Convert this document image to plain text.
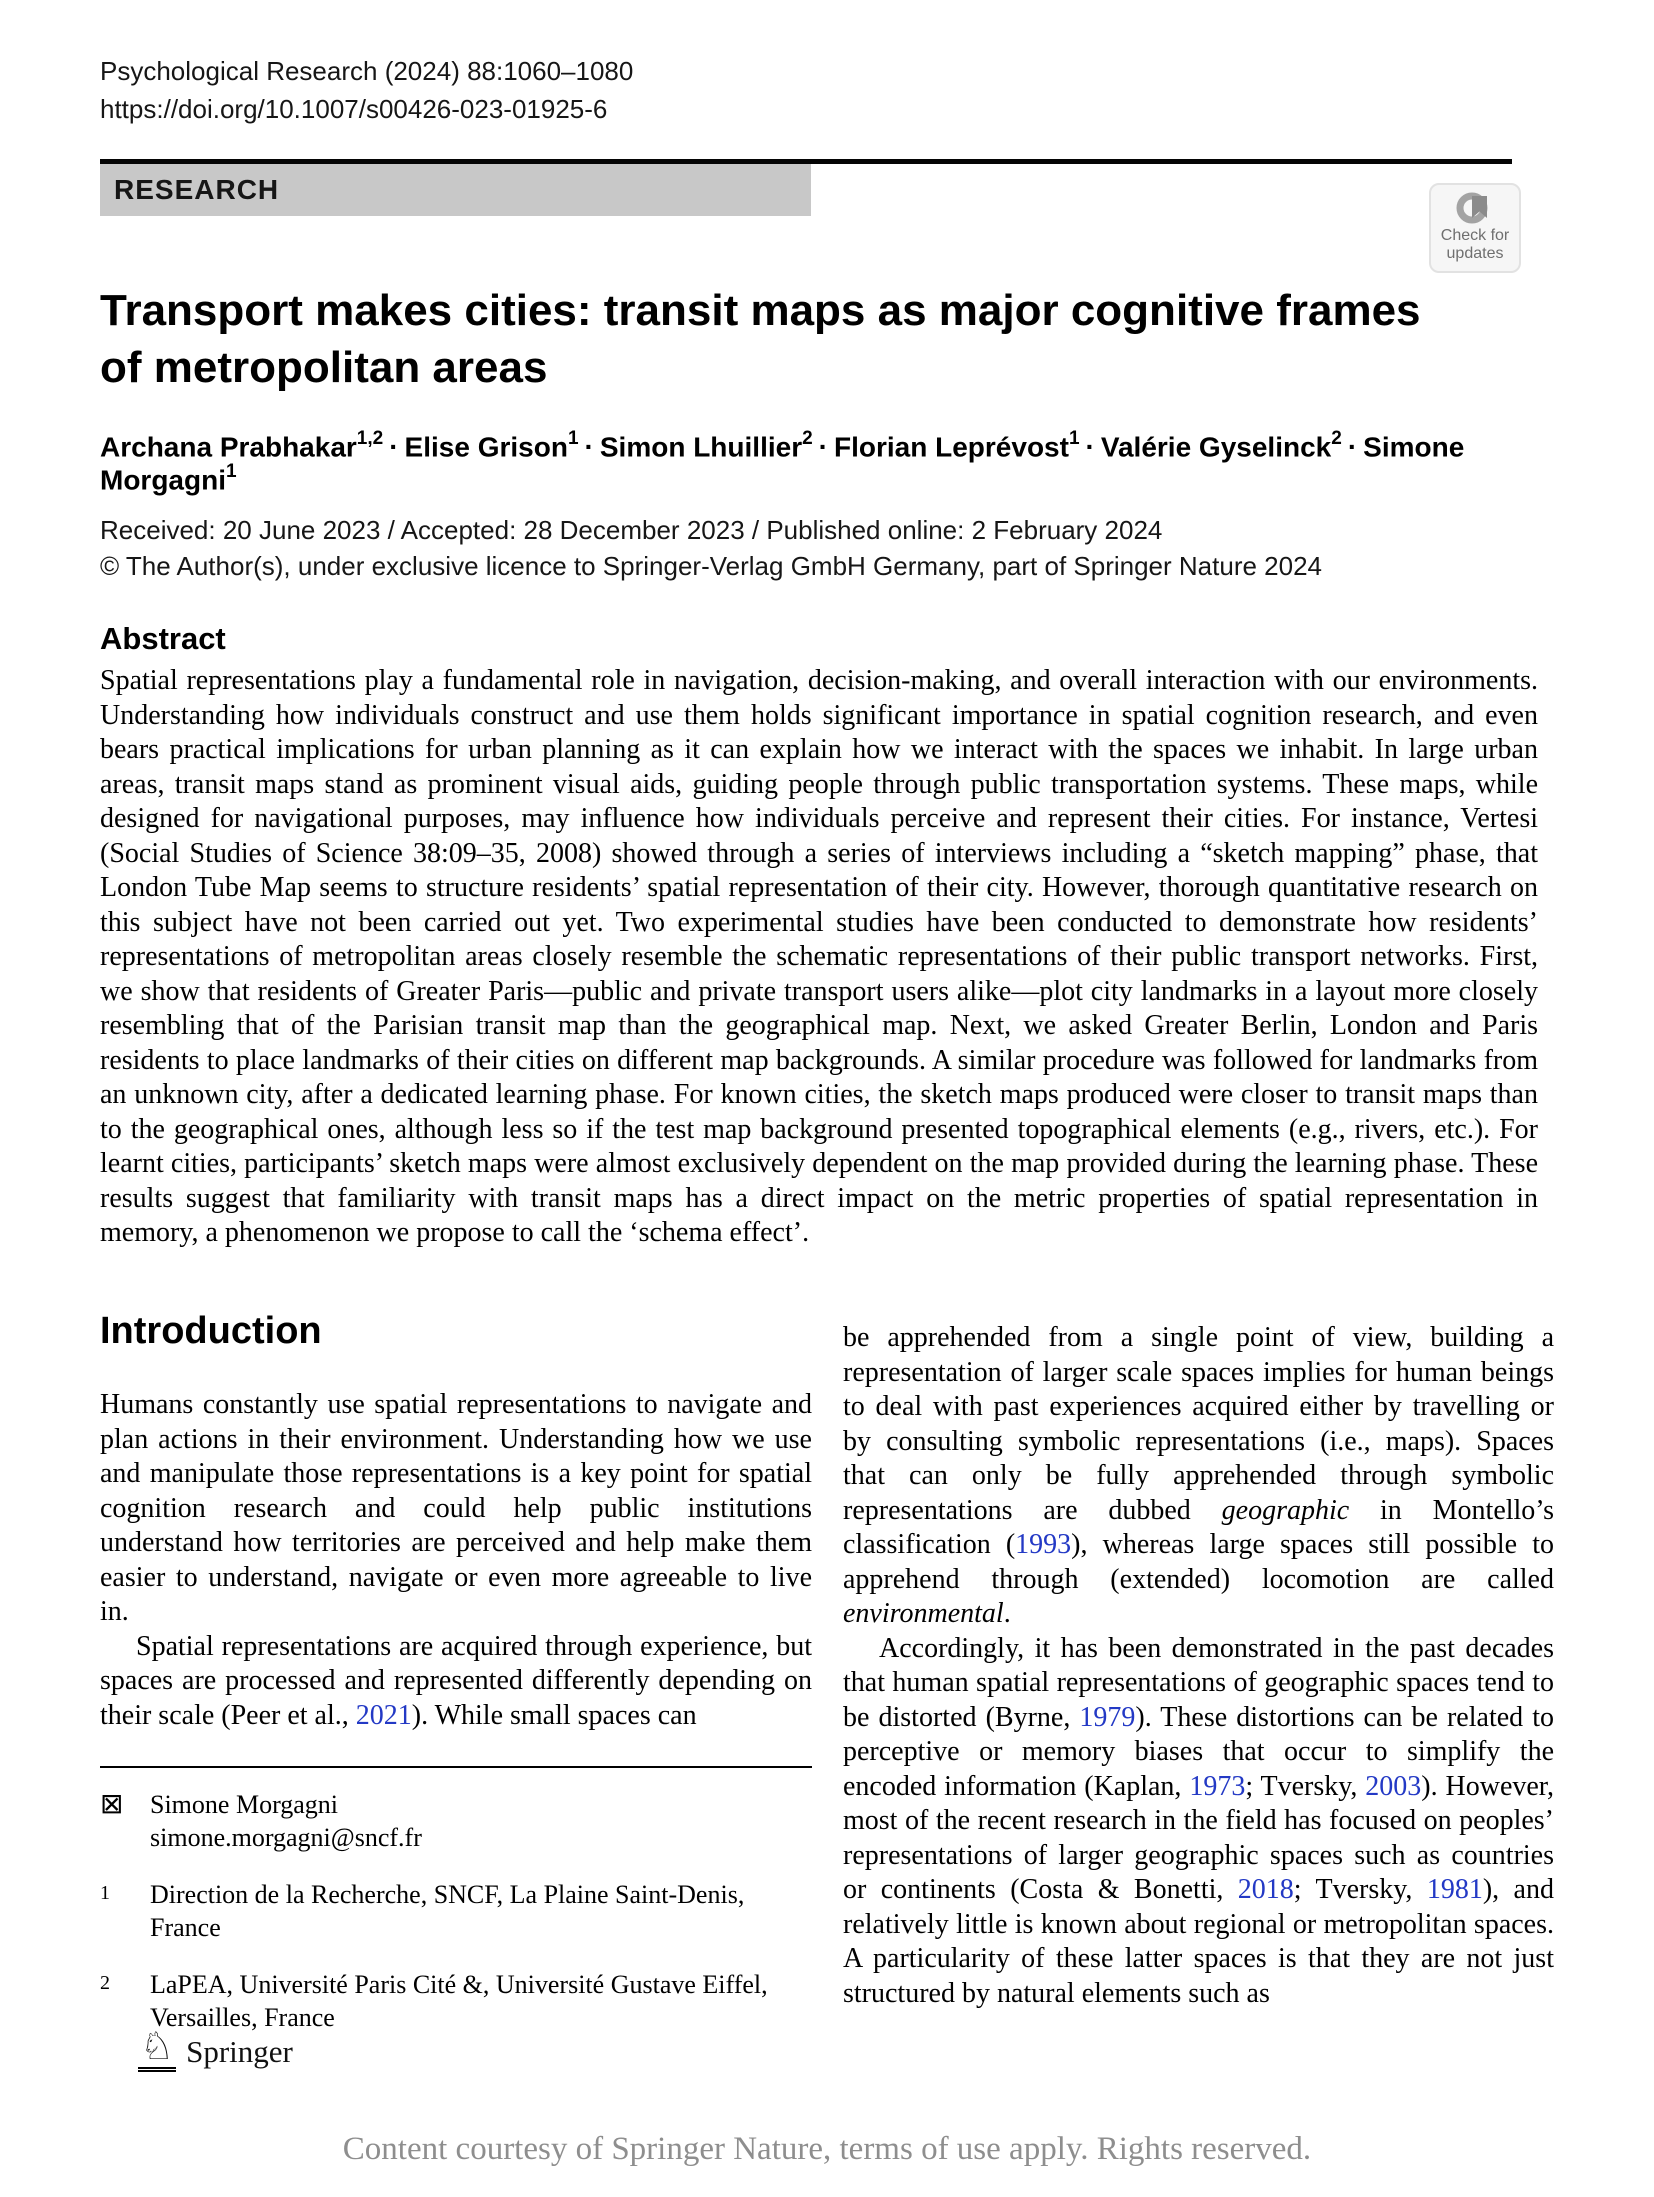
Psychological Research (2024) 88:1060–1080
https://doi.org/10.1007/s00426-023-01925-6
RESEARCH
Check for
updates
Transport makes cities: transit maps as major cognitive frames
of metropolitan areas
Archana Prabhakar$^{1,2}$ · Elise Grison$^1$ · Simon Lhuillier$^2$ · Florian Leprévost$^1$ · Valérie Gyselinck$^2$ · Simone Morgagni$^1$
Received: 20 June 2023 / Accepted: 28 December 2023 / Published online: 2 February 2024
© The Author(s), under exclusive licence to Springer-Verlag GmbH Germany, part of Springer Nature 2024
Abstract
Spatial representations play a fundamental role in navigation, decision-making, and overall interaction with our environments. Understanding how individuals construct and use them holds significant importance in spatial cognition research, and even bears practical implications for urban planning as it can explain how we interact with the spaces we inhabit. In large urban areas, transit maps stand as prominent visual aids, guiding people through public transportation systems. These maps, while designed for navigational purposes, may influence how individuals perceive and represent their cities. For instance, Vertesi (Social Studies of Science 38:09–35, 2008) showed through a series of interviews including a “sketch mapping” phase, that London Tube Map seems to structure residents’ spatial representation of their city. However, thorough quantitative research on this subject have not been carried out yet. Two experimental studies have been conducted to demonstrate how residents’ representations of metropolitan areas closely resemble the schematic representations of their public transport networks. First, we show that residents of Greater Paris—public and private transport users alike—plot city landmarks in a layout more closely resembling that of the Parisian transit map than the geographical map. Next, we asked Greater Berlin, London and Paris residents to place landmarks of their cities on different map backgrounds. A similar procedure was followed for landmarks from an unknown city, after a dedicated learning phase. For known cities, the sketch maps produced were closer to transit maps than to the geographical ones, although less so if the test map background presented topographical elements (e.g., rivers, etc.). For learnt cities, participants’ sketch maps were almost exclusively dependent on the map provided during the learning phase. These results suggest that familiarity with transit maps has a direct impact on the metric properties of spatial representation in memory, a phenomenon we propose to call the ‘schema effect’.
Introduction

Humans constantly use spatial representations to navigate and plan actions in their environment. Understanding how we use and manipulate those representations is a key point for spatial cognition research and could help public institutions understand how territories are perceived and help make them easier to understand, navigate or even more agreeable to live in.

Spatial representations are acquired through experience, but spaces are processed and represented differently depending on their scale (Peer et al., 2021). While small spaces can

be apprehended from a single point of view, building a representation of larger scale spaces implies for human beings to deal with past experiences acquired either by travelling or by consulting symbolic representations (i.e., maps). Spaces that can only be fully apprehended through symbolic representations are dubbed geographic in Montello’s classification (1993), whereas large spaces still possible to apprehend through (extended) locomotion are called environmental.

Accordingly, it has been demonstrated in the past decades that human spatial representations of geographic spaces tend to be distorted (Byrne, 1979). These distortions can be related to perceptive or memory biases that occur to simplify the encoded information (Kaplan, 1973; Tversky, 2003). However, most of the recent research in the field has focused on peoples’ representations of larger geographic spaces such as countries or continents (Costa & Bonetti, 2018; Tversky, 1981), and relatively little is known about regional or metropolitan spaces. A particularity of these latter spaces is that they are not just structured by natural elements such as

⊠	Simone Morgagni
simone.morgagni@sncf.fr
1	Direction de la Recherche, SNCF, La Plaine Saint-Denis, France
2	LaPEA, Université Paris Cité &, Université Gustave Eiffel, Versailles, France
♘ Springer
Content courtesy of Springer Nature, terms of use apply. Rights reserved.
